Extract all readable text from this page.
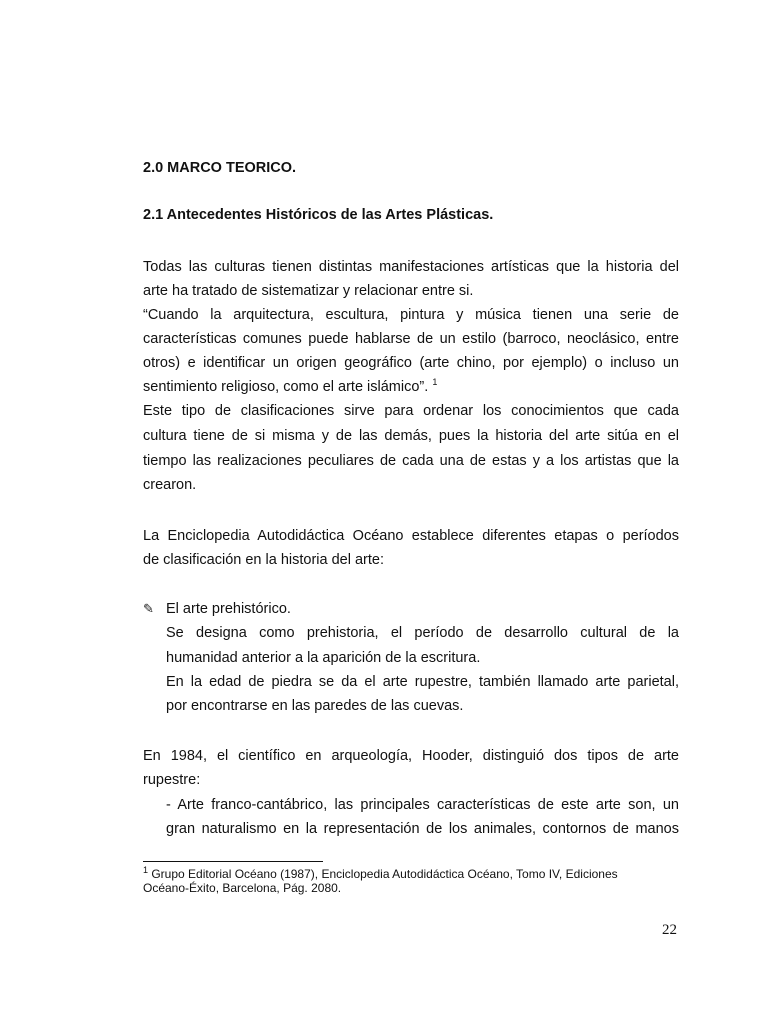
2.0 MARCO TEORICO.
2.1 Antecedentes Históricos de las Artes Plásticas.
Todas las culturas tienen distintas manifestaciones artísticas que la historia del
arte ha tratado de sistematizar y relacionar entre si.
“Cuando la arquitectura, escultura, pintura y música tienen una serie de
características comunes puede hablarse de un estilo (barroco, neoclásico, entre
otros) e identificar un origen geográfico (arte chino, por ejemplo) o incluso un
sentimiento religioso, como el arte islámico”. $^1$
Este tipo de clasificaciones sirve para ordenar los conocimientos que cada
cultura tiene de si misma y de las demás, pues la historia del arte sitúa en el
tiempo las realizaciones peculiares de cada una de estas y a los artistas que la
crearon.
La Enciclopedia Autodidáctica Océano establece diferentes etapas o períodos
de clasificación en la historia del arte:
✎ El arte prehistórico.
Se designa como prehistoria, el período de desarrollo cultural de la
humanidad anterior a la aparición de la escritura.
En la edad de piedra se da el arte rupestre, también llamado arte parietal,
por encontrarse en las paredes de las cuevas.
En 1984, el científico en arqueología, Hooder, distinguió dos tipos de arte
rupestre:
- Arte franco-cantábrico, las principales características de este arte son, un
gran naturalismo en la representación de los animales, contornos de manos
$^1$ Grupo Editorial Océano (1987), Enciclopedia Autodidáctica Océano, Tomo IV, Ediciones
Océano-Éxito, Barcelona, Pág. 2080.
22
